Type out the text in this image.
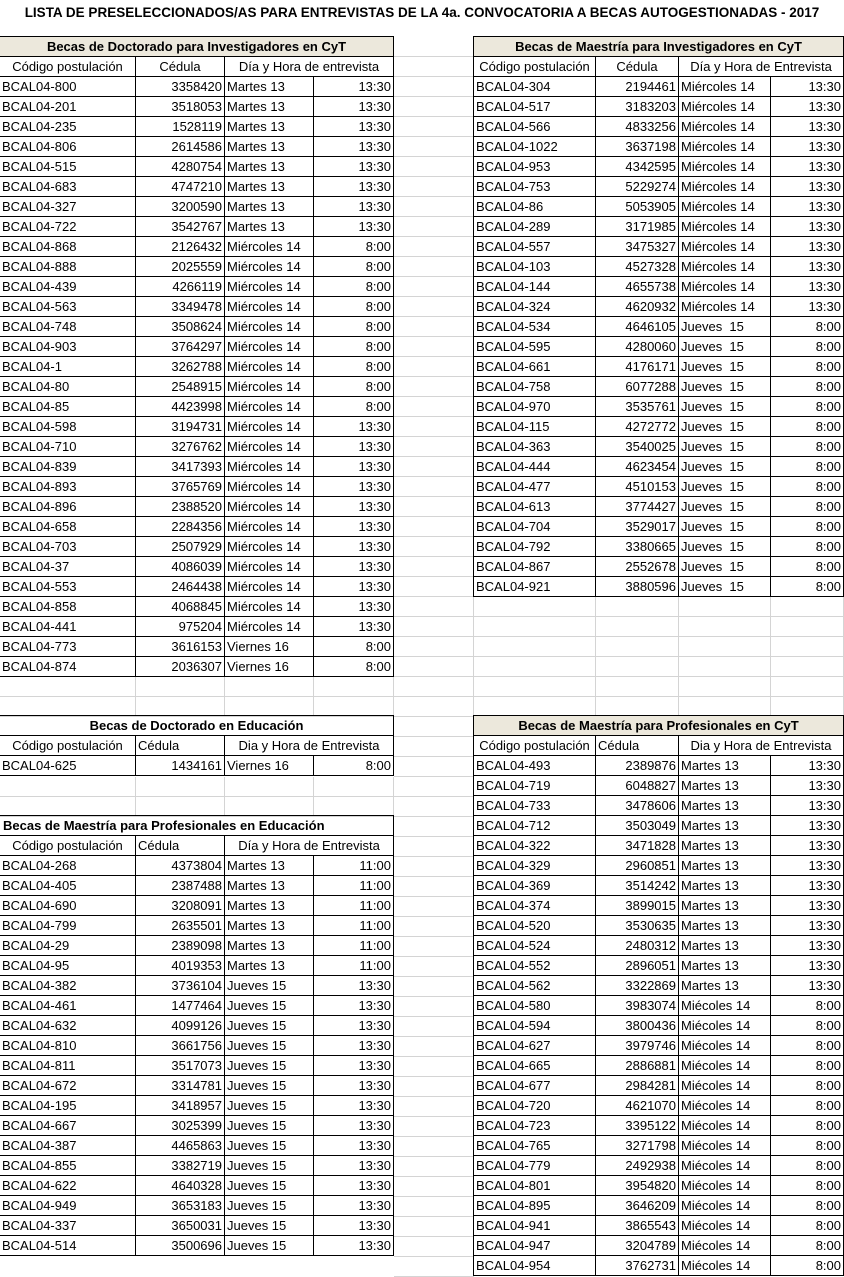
LISTA DE PRESELECCIONADOS/AS PARA ENTREVISTAS DE LA 4a. CONVOCATORIA A BECAS AUTOGESTIONADAS - 2017
Becas de Doctorado para Investigadores en CyT
Código postulación	Cédula	Día y Hora de entrevista
BCAL04-800	3358420 Martes 13	13:30
BCAL04-201	3518053 Martes 13	13:30
BCAL04-235	1528119 Martes 13	13:30
BCAL04-806	2614586 Martes 13	13:30
BCAL04-515	4280754 Martes 13	13:30
BCAL04-683	4747210 Martes 13	13:30
BCAL04-327	3200590 Martes 13	13:30
BCAL04-722	3542767 Martes 13	13:30
BCAL04-868	2126432 Miércoles 14	8:00
BCAL04-888	2025559 Miércoles 14	8:00
BCAL04-439	4266119 Miércoles 14	8:00
BCAL04-563	3349478 Miércoles 14	8:00
BCAL04-748	3508624 Miércoles 14	8:00
BCAL04-903	3764297 Miércoles 14	8:00
BCAL04-1	3262788 Miércoles 14	8:00
BCAL04-80	2548915 Miércoles 14	8:00
BCAL04-85	4423998 Miércoles 14	8:00
BCAL04-598	3194731 Miércoles 14	13:30
BCAL04-710	3276762 Miércoles 14	13:30
BCAL04-839	3417393 Miércoles 14	13:30
BCAL04-893	3765769 Miércoles 14	13:30
BCAL04-896	2388520 Miércoles 14	13:30
BCAL04-658	2284356 Miércoles 14	13:30
BCAL04-703	2507929 Miércoles 14	13:30
BCAL04-37	4086039 Miércoles 14	13:30
BCAL04-553	2464438 Miércoles 14	13:30
BCAL04-858	4068845 Miércoles 14	13:30
BCAL04-441	975204 Miércoles 14	13:30
BCAL04-773	3616153 Viernes 16	8:00
BCAL04-874	2036307 Viernes 16	8:00
Becas de Maestría para Investigadores en CyT
Código postulación	Cédula	Día y Hora de Entrevista
BCAL04-304	2194461 Miércoles 14	13:30
BCAL04-517	3183203 Miércoles 14	13:30
BCAL04-566	4833256 Miércoles 14	13:30
BCAL04-1022	3637198 Miércoles 14	13:30
BCAL04-953	4342595 Miércoles 14	13:30
BCAL04-753	5229274 Miércoles 14	13:30
BCAL04-86	5053905 Miércoles 14	13:30
BCAL04-289	3171985 Miércoles 14	13:30
BCAL04-557	3475327 Miércoles 14	13:30
BCAL04-103	4527328 Miércoles 14	13:30
BCAL04-144	4655738 Miércoles 14	13:30
BCAL04-324	4620932 Miércoles 14	13:30
BCAL04-534	4646105 Jueves  15	8:00
BCAL04-595	4280060 Jueves  15	8:00
BCAL04-661	4176171 Jueves  15	8:00
BCAL04-758	6077288 Jueves  15	8:00
BCAL04-970	3535761 Jueves  15	8:00
BCAL04-115	4272772 Jueves  15	8:00
BCAL04-363	3540025 Jueves  15	8:00
BCAL04-444	4623454 Jueves  15	8:00
BCAL04-477	4510153 Jueves  15	8:00
BCAL04-613	3774427 Jueves  15	8:00
BCAL04-704	3529017 Jueves  15	8:00
BCAL04-792	3380665 Jueves  15	8:00
BCAL04-867	2552678 Jueves  15	8:00
BCAL04-921	3880596 Jueves  15	8:00
Becas de Doctorado en Educación
Código postulación	Cédula	Dia y Hora de Entrevista
BCAL04-625	1434161 Viernes 16	8:00
Becas de Maestría para Profesionales en Educación
Código postulación	Cédula	Día y Hora de Entrevista
BCAL04-268	4373804 Martes 13	11:00
BCAL04-405	2387488 Martes 13	11:00
BCAL04-690	3208091 Martes 13	11:00
BCAL04-799	2635501 Martes 13	11:00
BCAL04-29	2389098 Martes 13	11:00
BCAL04-95	4019353 Martes 13	11:00
BCAL04-382	3736104 Jueves 15	13:30
BCAL04-461	1477464 Jueves 15	13:30
BCAL04-632	4099126 Jueves 15	13:30
BCAL04-810	3661756 Jueves 15	13:30
BCAL04-811	3517073 Jueves 15	13:30
BCAL04-672	3314781 Jueves 15	13:30
BCAL04-195	3418957 Jueves 15	13:30
BCAL04-667	3025399 Jueves 15	13:30
BCAL04-387	4465863 Jueves 15	13:30
BCAL04-855	3382719 Jueves 15	13:30
BCAL04-622	4640328 Jueves 15	13:30
BCAL04-949	3653183 Jueves 15	13:30
BCAL04-337	3650031 Jueves 15	13:30
BCAL04-514	3500696 Jueves 15	13:30
Becas de Maestría para Profesionales en CyT
Código postulación Cédula	Dia y Hora de Entrevista
BCAL04-493	2389876 Martes 13	13:30
BCAL04-719	6048827 Martes 13	13:30
BCAL04-733	3478606 Martes 13	13:30
BCAL04-712	3503049 Martes 13	13:30
BCAL04-322	3471828 Martes 13	13:30
BCAL04-329	2960851 Martes 13	13:30
BCAL04-369	3514242 Martes 13	13:30
BCAL04-374	3899015 Martes 13	13:30
BCAL04-520	3530635 Martes 13	13:30
BCAL04-524	2480312 Martes 13	13:30
BCAL04-552	2896051 Martes 13	13:30
BCAL04-562	3322869 Martes 13	13:30
BCAL04-580	3983074 Miécoles 14	8:00
BCAL04-594	3800436 Miécoles 14	8:00
BCAL04-627	3979746 Miécoles 14	8:00
BCAL04-665	2886881 Miécoles 14	8:00
BCAL04-677	2984281 Miécoles 14	8:00
BCAL04-720	4621070 Miécoles 14	8:00
BCAL04-723	3395122 Miécoles 14	8:00
BCAL04-765	3271798 Miécoles 14	8:00
BCAL04-779	2492938 Miécoles 14	8:00
BCAL04-801	3954820 Miécoles 14	8:00
BCAL04-895	3646209 Miécoles 14	8:00
BCAL04-941	3865543 Miécoles 14	8:00
BCAL04-947	3204789 Miécoles 14	8:00
BCAL04-954	3762731 Miécoles 14	8:00
